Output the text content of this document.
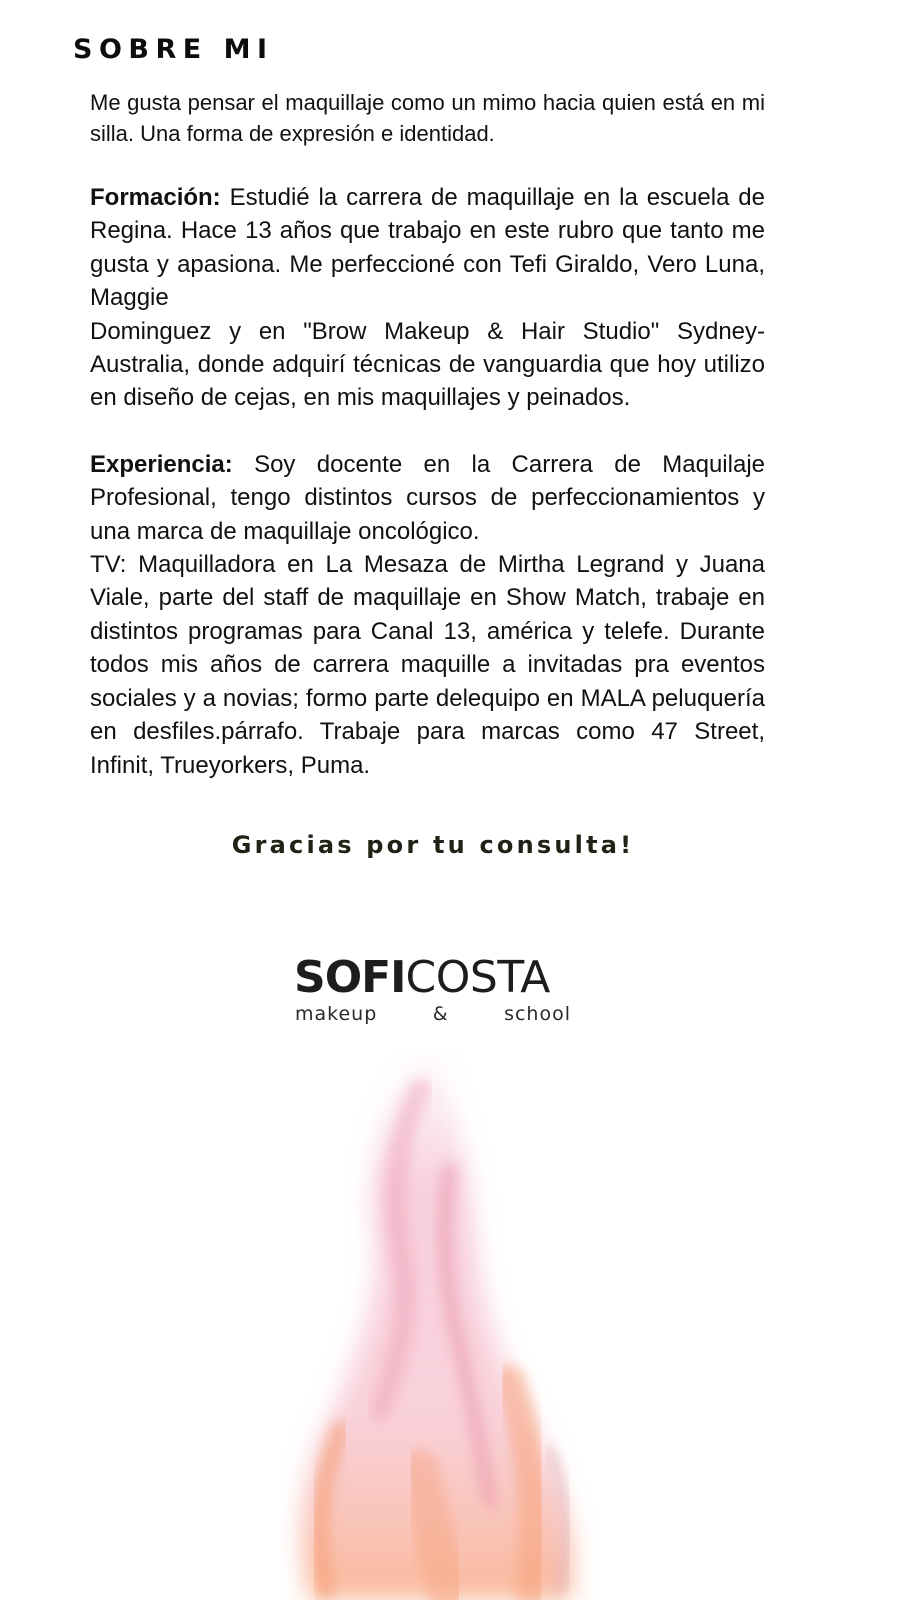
SOBRE MI

Me gusta pensar el maquillaje como un mimo hacia quien está en mi silla. Una forma de expresión e identidad.

Formación: Estudié la carrera de maquillaje en la escuela de Regina. Hace 13 años que trabajo en este rubro que tanto me gusta y apasiona. Me perfeccioné con Tefi Giraldo, Vero Luna, Maggie

Dominguez y en "Brow Makeup & Hair Studio" Sydney-Australia, donde adquirí técnicas de vanguardia que hoy utilizo en diseño de cejas, en mis maquillajes y peinados.

Experiencia: Soy docente en la Carrera de Maquilaje Profesional, tengo distintos cursos de perfeccionamientos y una marca de maquillaje oncológico.

TV: Maquilladora en La Mesaza de Mirtha Legrand y Juana Viale, parte del staff de maquillaje en Show Match, trabaje en distintos programas para Canal 13, américa y telefe. Durante todos mis años de carrera maquille a invitadas pra eventos sociales y a novias; formo parte delequipo en MALA peluquería en desfiles.párrafo. Trabaje para marcas como 47 Street, Infinit, Trueyorkers, Puma.

Gracias por tu consulta!

SOFICOSTA
makeup	&	school
